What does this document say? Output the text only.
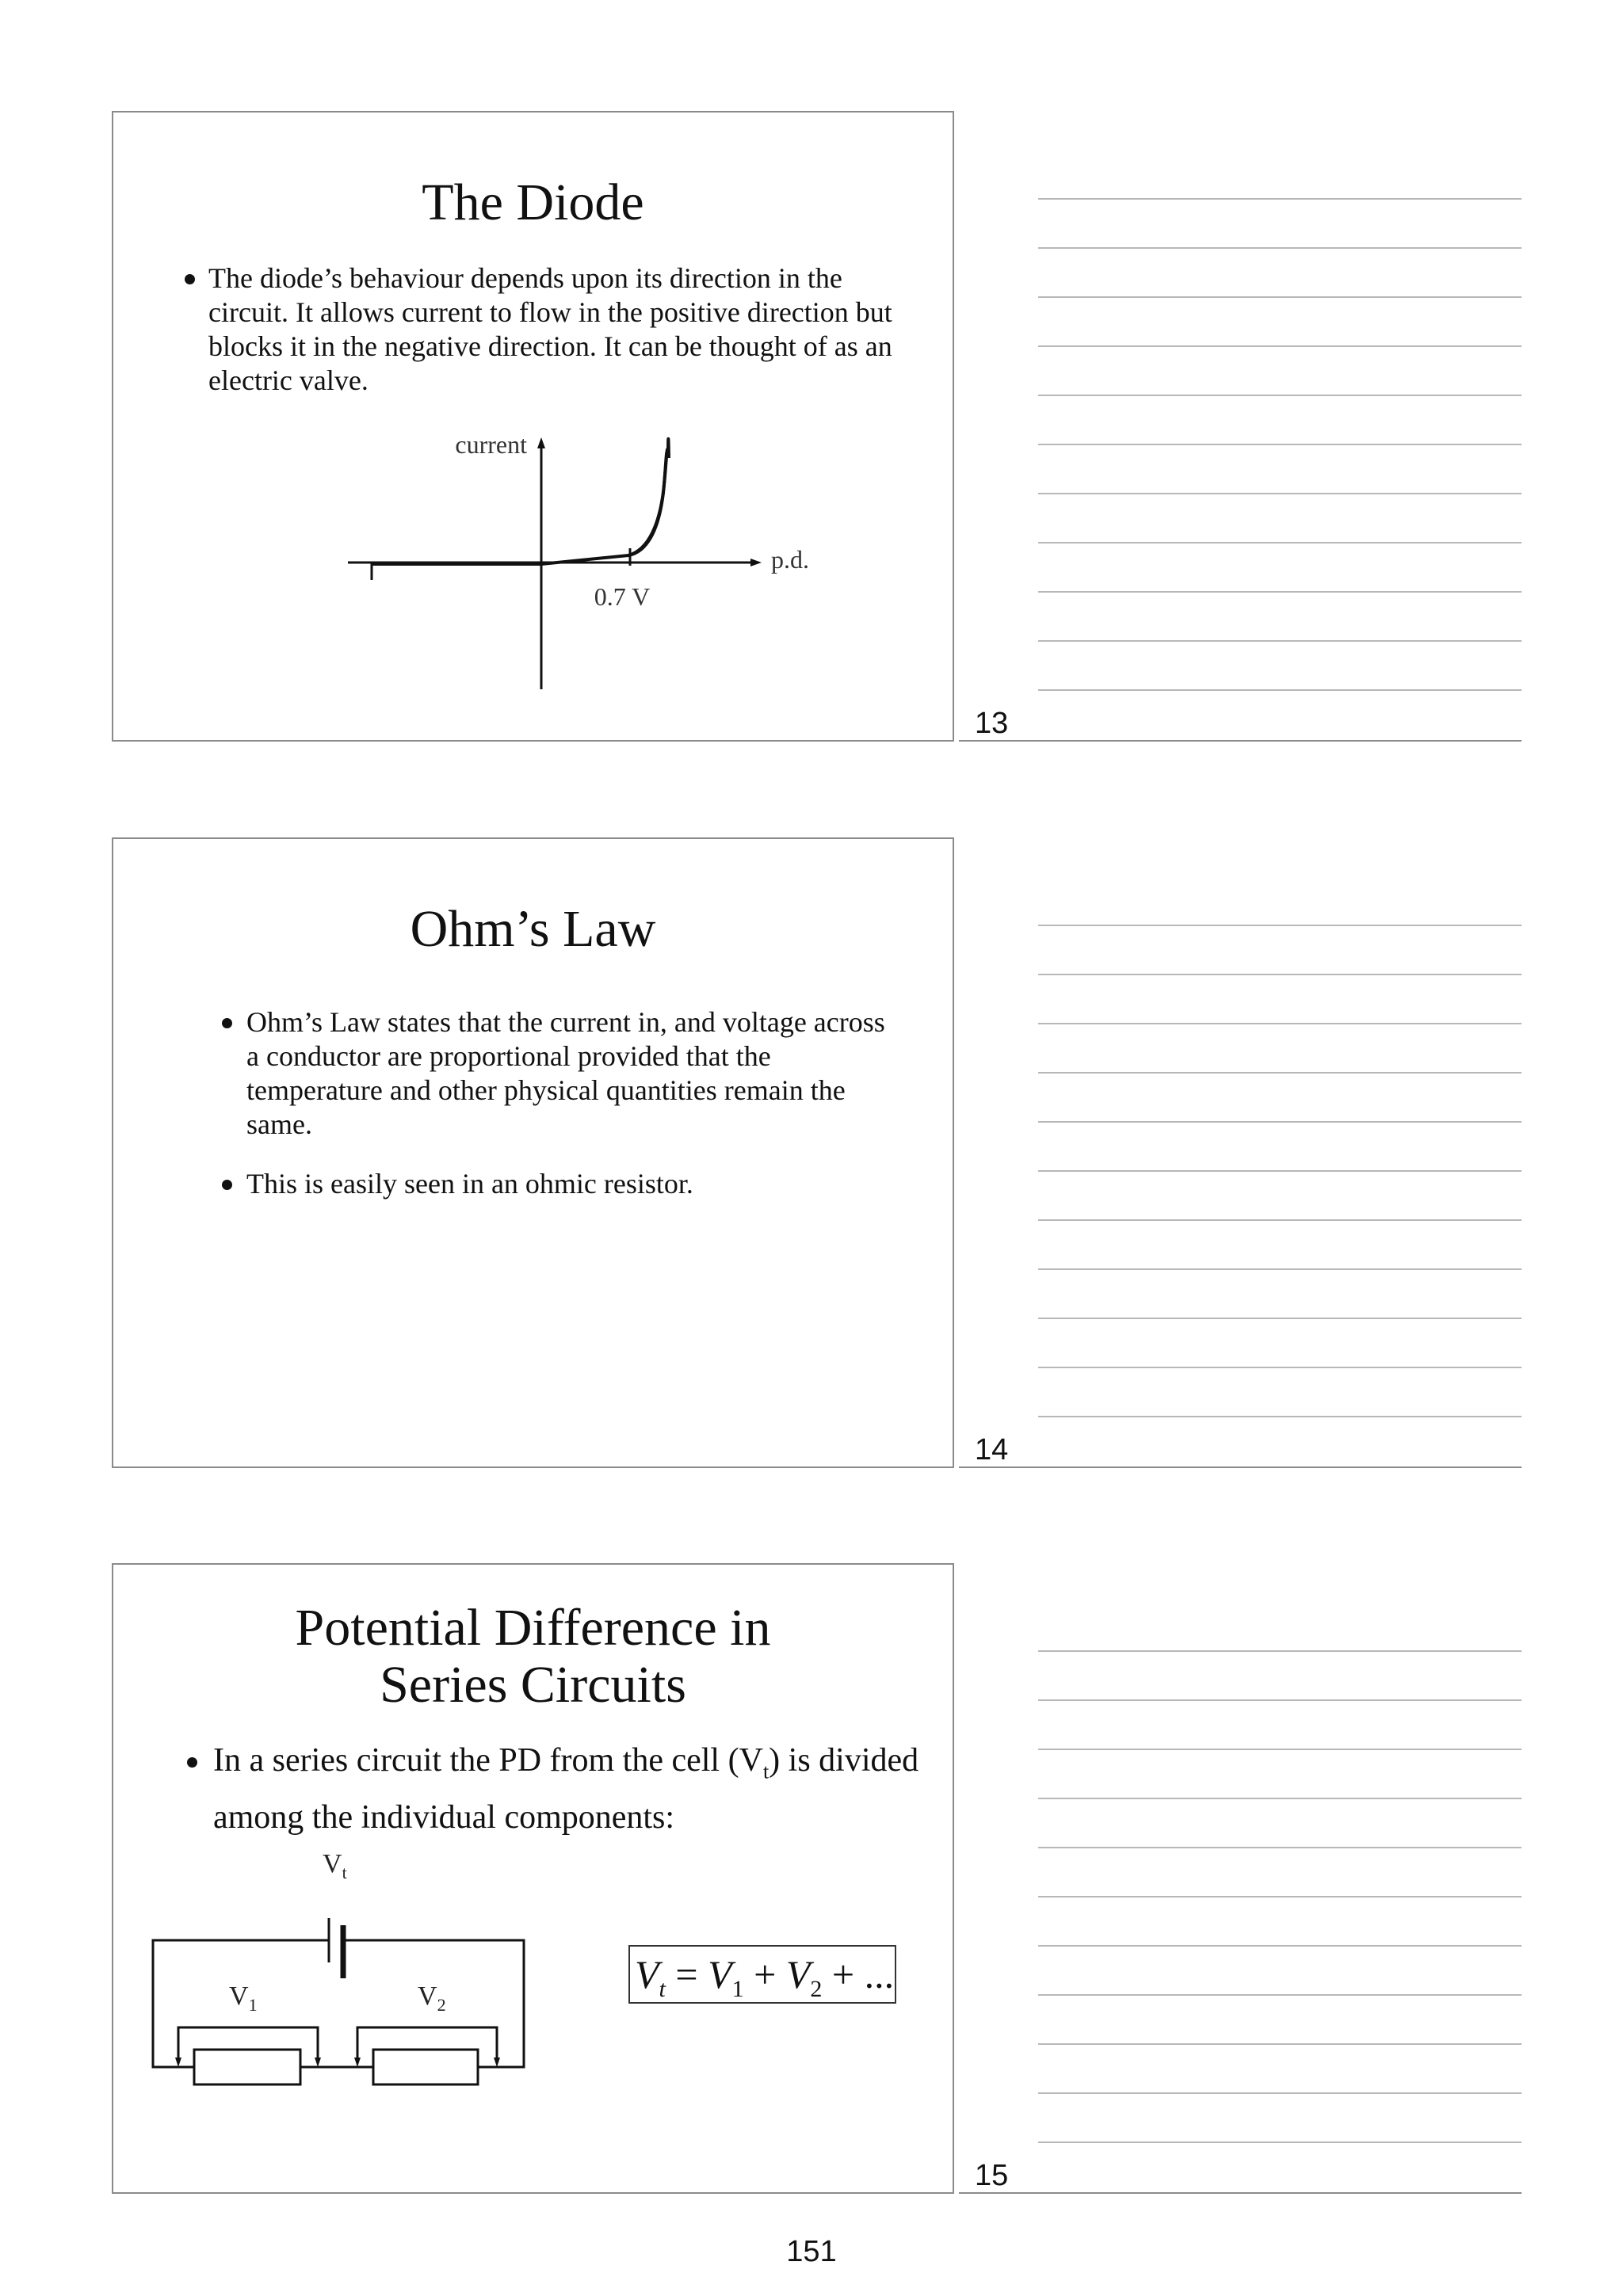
The Diode
The diode’s behaviour depends upon its direction in the circuit. It allows current to flow in the positive direction but blocks it in the negative direction. It can be thought of as an electric valve.
current
p.d.
0.7 V
13
Ohm’s Law
Ohm’s Law states that the current in, and voltage across a conductor are proportional provided that the temperature and other physical quantities remain the same.
This is easily seen in an ohmic resistor.
14
Potential Difference in Series Circuits
In a series circuit the PD from the cell $(V_t)$ is divided among the individual components:
$V_t$
$V_1$	$V_2$
$V_t = V_1 + V_2$ + ...
15
151
